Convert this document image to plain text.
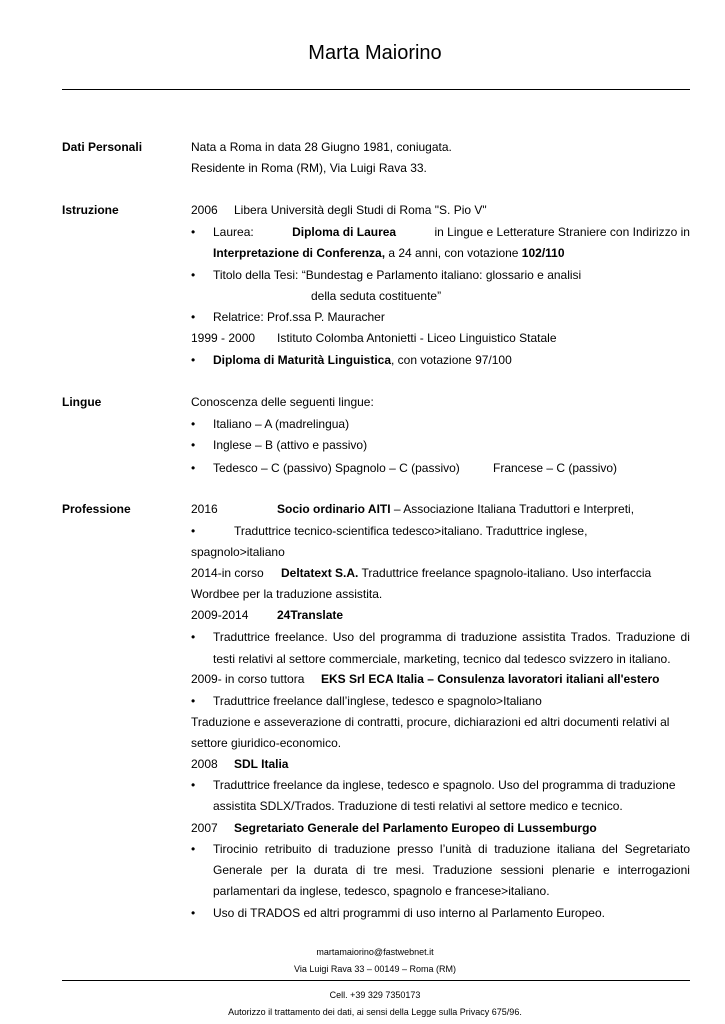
Marta Maiorino
Dati Personali	Nata a Roma in data 28 Giugno 1981, coniugata.
Residente in Roma (RM), Via Luigi Rava 33.
Istruzione	2006 Libera Università degli Studi di Roma "S. Pio V"
•	Laurea:	Diploma di Laurea	in Lingue e Letterature Straniere con Indirizzo in
Interpretazione di Conferenza, a 24 anni, con votazione 102/110
•	Titolo della Tesi: “Bundestag e Parlamento italiano: glossario e analisi
della seduta costituente”
•	Relatrice: Prof.ssa P. Mauracher
1999 - 2000 Istituto Colomba Antonietti - Liceo Linguistico Statale
•	Diploma di Maturità Linguistica, con votazione 97/100
Lingue	Conoscenza delle seguenti lingue:
•	Italiano – A (madrelingua)
•	Inglese – B (attivo e passivo)
•	Tedesco – C (passivo) Spagnolo – C (passivo)	Francese – C (passivo)
Professione	2016	Socio ordinario AITI – Associazione Italiana Traduttori e Interpreti,
•	Traduttrice tecnico-scientifica tedesco>italiano. Traduttrice inglese,
spagnolo>italiano
2014-in corso Deltatext S.A. Traduttrice freelance spagnolo-italiano. Uso interfaccia
Wordbee per la traduzione assistita.
2009-2014 24Translate
•	Traduttrice freelance. Uso del programma di traduzione assistita Trados. Traduzione di
testi relativi al settore commerciale, marketing, tecnico dal tedesco svizzero in italiano.
2009- in corso tuttora EKS Srl ECA Italia – Consulenza lavoratori italiani all'estero
•	Traduttrice freelance dall’inglese, tedesco e spagnolo>Italiano
Traduzione e asseverazione di contratti, procure, dichiarazioni ed altri documenti relativi al
settore giuridico-economico.
2008 SDL Italia
•	Traduttrice freelance da inglese, tedesco e spagnolo. Uso del programma di traduzione
assistita SDLX/Trados. Traduzione di testi relativi al settore medico e tecnico.
2007 Segretariato Generale del Parlamento Europeo di Lussemburgo
•	Tirocinio retribuito di traduzione presso l’unità di traduzione italiana del Segretariato
Generale per la durata di tre mesi. Traduzione sessioni plenarie e interrogazioni
parlamentari da inglese, tedesco, spagnolo e francese>italiano.
•	Uso di TRADOS ed altri programmi di uso interno al Parlamento Europeo.
martamaiorino@fastwebnet.it
Via Luigi Rava 33 – 00149 – Roma (RM)
Cell. +39 329 7350173
Autorizzo il trattamento dei dati, ai sensi della Legge sulla Privacy 675/96.
